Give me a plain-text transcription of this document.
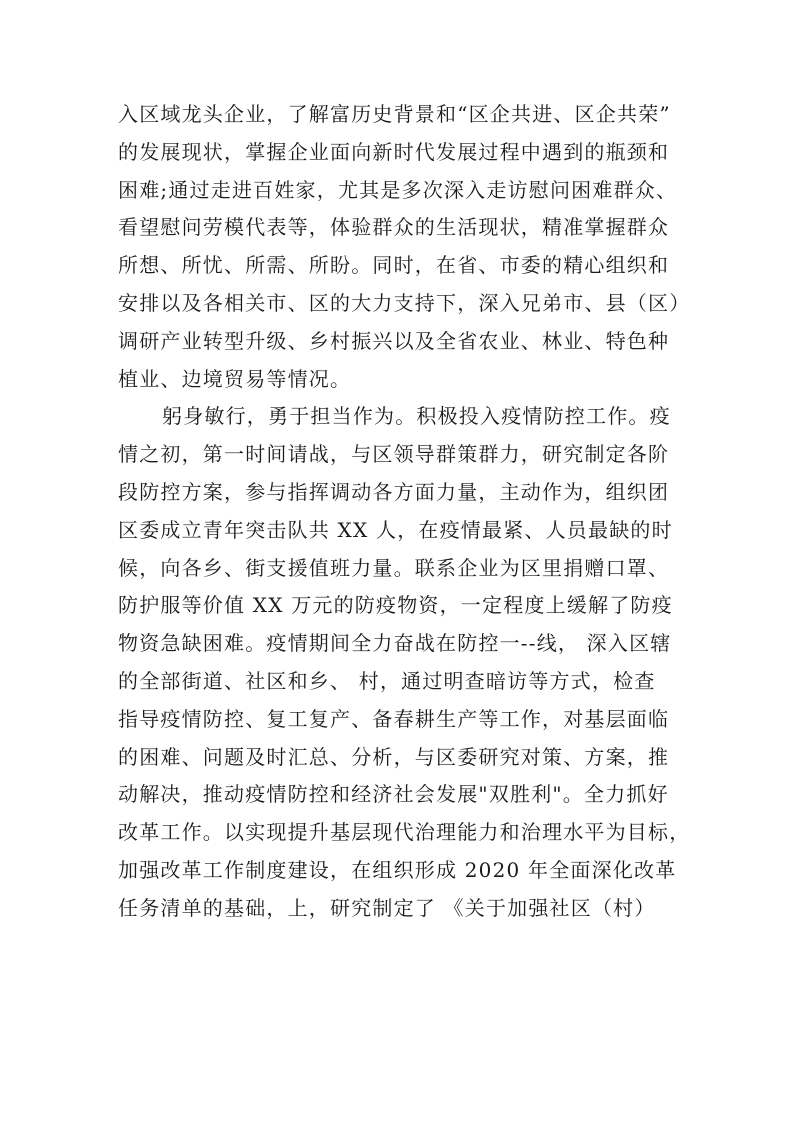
入区域龙头企业，了解富历史背景和“区企共进、区企共荣”
的发展现状，掌握企业面向新时代发展过程中遇到的瓶颈和
困难;通过走进百姓家，尤其是多次深入走访慰问困难群众、
看望慰问劳模代表等，体验群众的生活现状，精准掌握群众
所想、所忧、所需、所盼。同时，在省、市委的精心组织和
安排以及各相关市、区的大力支持下，深入兄弟市、县（区）
调研产业转型升级、乡村振兴以及全省农业、林业、特色种
植业、边境贸易等情况。
躬身敏行，勇于担当作为。积极投入疫情防控工作。疫
情之初，第一时间请战，与区领导群策群力，研究制定各阶
段防控方案，参与指挥调动各方面力量，主动作为，组织团
区委成立青年突击队共 XX 人，在疫情最紧、人员最缺的时
候，向各乡、街支援值班力量。联系企业为区里捐赠口罩、
防护服等价值 XX 万元的防疫物资，一定程度上缓解了防疫
物资急缺困难。疫情期间全力奋战在防控一--线， 深入区辖
的全部街道、社区和乡、 村，通过明查暗访等方式，检查
指导疫情防控、复工复产、备春耕生产等工作，对基层面临
的困难、问题及时汇总、分析，与区委研究对策、方案，推
动解决，推动疫情防控和经济社会发展"双胜利"。全力抓好
改革工作。以实现提升基层现代治理能力和治理水平为目标，
加强改革工作制度建设，在组织形成 2020 年全面深化改革
任务清单的基础，上，研究制定了 《关于加强社区（村）
